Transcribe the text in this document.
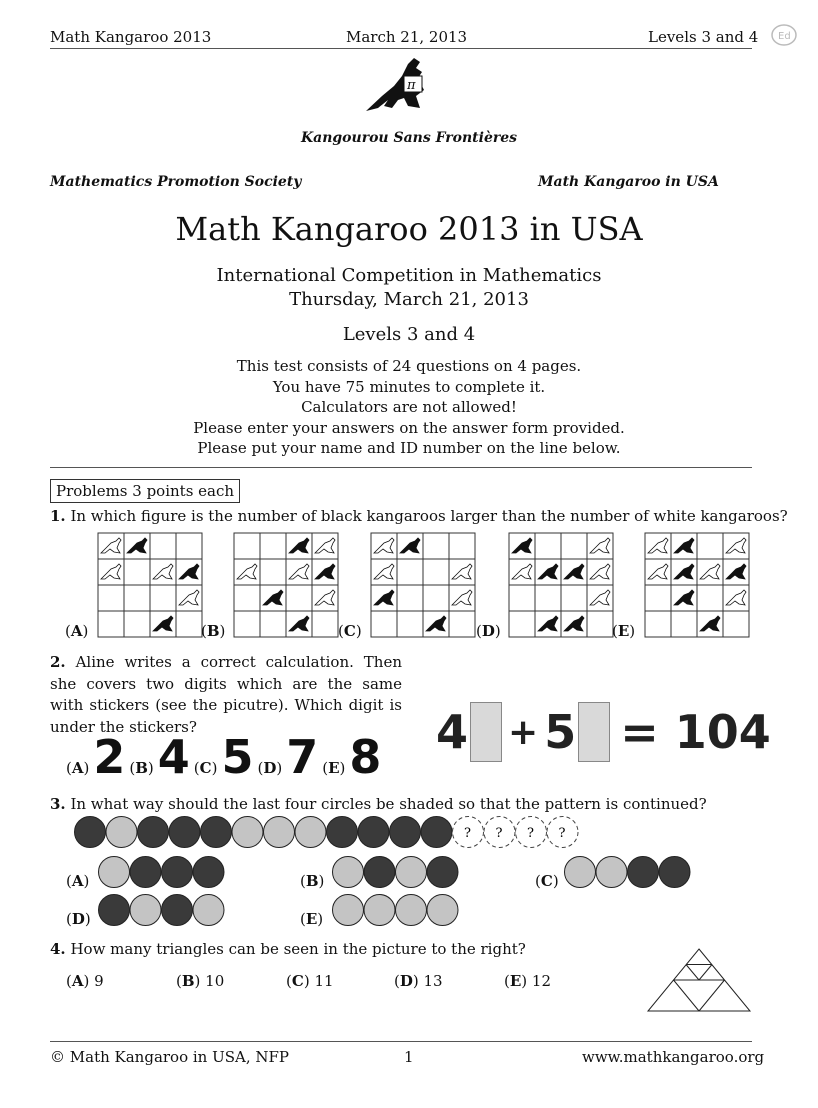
Math Kangaroo 2013	March 21, 2013	Levels 3 and 4 Ed
π
Kangourou Sans Frontières
Mathematics Promotion Society	Math Kangaroo in USA
Math Kangaroo 2013 in USA
International Competition in Mathematics
Thursday, March 21, 2013
Levels 3 and 4
This test consists of 24 questions on 4 pages.
You have 75 minutes to complete it.
Calculators are not allowed!
Please enter your answers on the answer form provided.
Please put your name and ID number on the line below.
Problems 3 points each
1. In which figure is the number of black kangaroos larger than the number of white kangaroos?
(A)	(B)	(C)	(D)	(E)
2. Aline writes a correct calculation. Then she covers two digits which are the same with stickers (see the picutre). Which digit is under the stickers?
(A) 2 (B) 4 (C) 5 (D) 7 (E) 8 4 + 5 = 104
3. In what way should the last four circles be shaded so that the pattern is continued?
? ? ? ?
(A)	(B)	(C)
(D)	(E)
4. How many triangles can be seen in the picture to the right?
(A) 9	(B) 10	(C) 11	(D) 13	(E) 12
© Math Kangaroo in USA, NFP	1	www.mathkangaroo.org
